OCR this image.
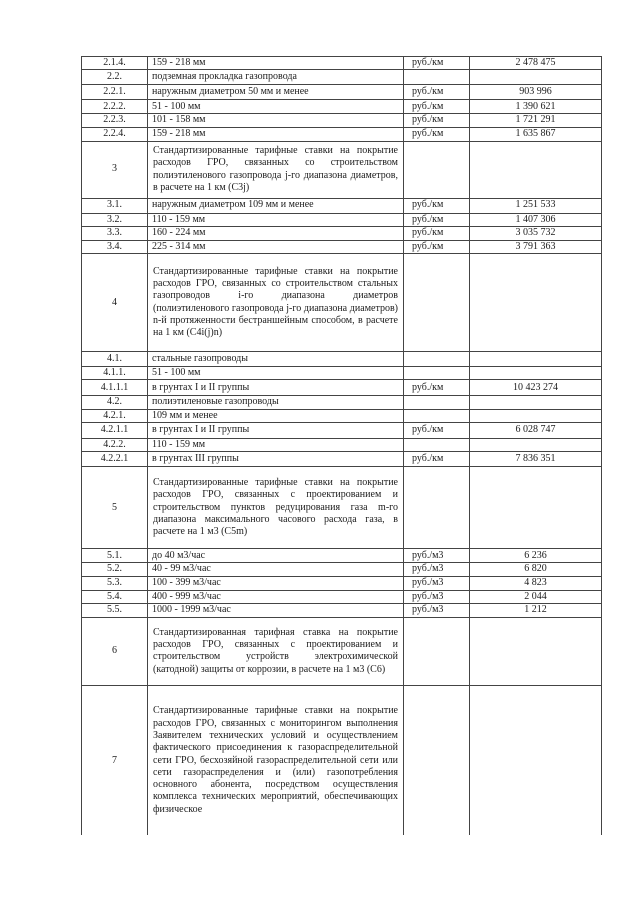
2.1.4.	159 - 218 мм	руб./км	2 478 475
2.2.	подземная прокладка газопровода		
2.2.1.	наружным диаметром 50 мм и менее	руб./км	903 996
2.2.2.	51 - 100 мм	руб./км	1 390 621
2.2.3.	101 - 158 мм	руб./км	1 721 291
2.2.4.	159 - 218 мм	руб./км	1 635 867
3	Стандартизированные тарифные ставки на покрытие расходов ГРО, связанных со строительством полиэтиленового газопровода j-го диапазона диаметров, в расчете на 1 км (C3j)		
3.1.	наружным диаметром 109 мм и менее	руб./км	1 251 533
3.2.	110 - 159 мм	руб./км	1 407 306
3.3.	160 - 224 мм	руб./км	3 035 732
3.4.	225 - 314 мм	руб./км	3 791 363
4	Стандартизированные тарифные ставки на покрытие расходов ГРО, связанных со строительством стальных газопроводов i-го диапазона диаметров (полиэтиленового газопровода j-го диапазона диаметров) n-й протяженности бестраншейным способом, в расчете на 1 км (C4i(j)n)		
4.1.	стальные газопроводы		
4.1.1.	51 - 100 мм		
4.1.1.1	в грунтах I и II группы	руб./км	10 423 274
4.2.	полиэтиленовые газопроводы		
4.2.1.	109 мм и менее		
4.2.1.1	в грунтах I и II группы	руб./км	6 028 747
4.2.2.	110 - 159 мм		
4.2.2.1	в грунтах III группы	руб./км	7 836 351
5	Стандартизированные тарифные ставки на покрытие расходов ГРО, связанных с проектированием и строительством пунктов редуцирования газа m-го диапазона максимального часового расхода газа, в расчете на 1 м3 (C5m)		
5.1.	до 40 м3/час	руб./м3	6 236
5.2.	40 - 99 м3/час	руб./м3	6 820
5.3.	100 - 399 м3/час	руб./м3	4 823
5.4.	400 - 999 м3/час	руб./м3	2 044
5.5.	1000 - 1999 м3/час	руб./м3	1 212
6	Стандартизированная тарифная ставка на покрытие расходов ГРО, связанных с проектированием и строительством устройств электрохимической (катодной) защиты от коррозии, в расчете на 1 м3 (C6)		
7	Стандартизированные тарифные ставки на покрытие расходов ГРО, связанных с мониторингом выполнения Заявителем технических условий и осуществлением фактического присоединения к газораспределительной сети ГРО, бесхозяйной газораспределительной сети или сети газораспределения и (или) газопотребления основного абонента, посредством осуществления комплекса технических мероприятий, обеспечивающих физическое		
